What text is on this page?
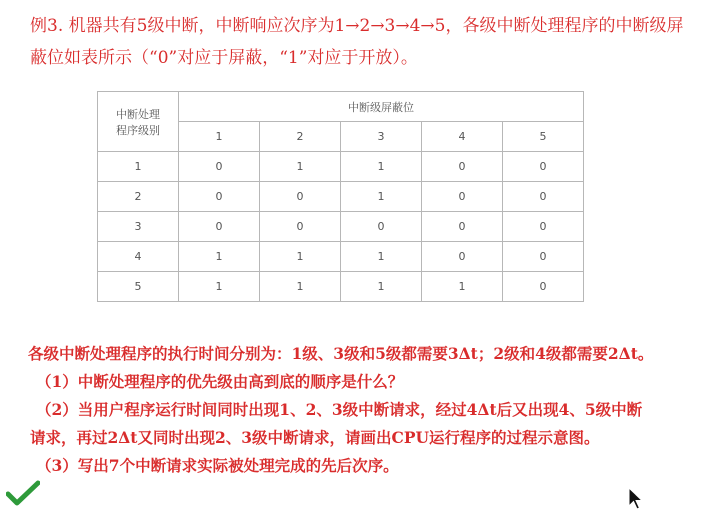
例3. 机器共有5级中断，中断响应次序为1→2→3→4→5，各级中断处理程序的中断级屏
蔽位如表所示（“0”对应于屏蔽，“1”对应于开放）。
中断处理
程序级别	中断级屏蔽位				
	1	2	3	4	5
1	0	1	1	0	0
2	0	0	1	0	0
3	0	0	0	0	0
4	1	1	1	0	0
5	1	1	1	1	0
各级中断处理程序的执行时间分别为：1级、3级和5级都需要3Δt；2级和4级都需要2Δt。
（1）中断处理程序的优先级由高到底的顺序是什么？
（2）当用户程序运行时间同时出现1、2、3级中断请求，经过4Δt后又出现4、5级中断
请求，再过2Δt又同时出现2、3级中断请求，请画出CPU运行程序的过程示意图。
（3）写出7个中断请求实际被处理完成的先后次序。
